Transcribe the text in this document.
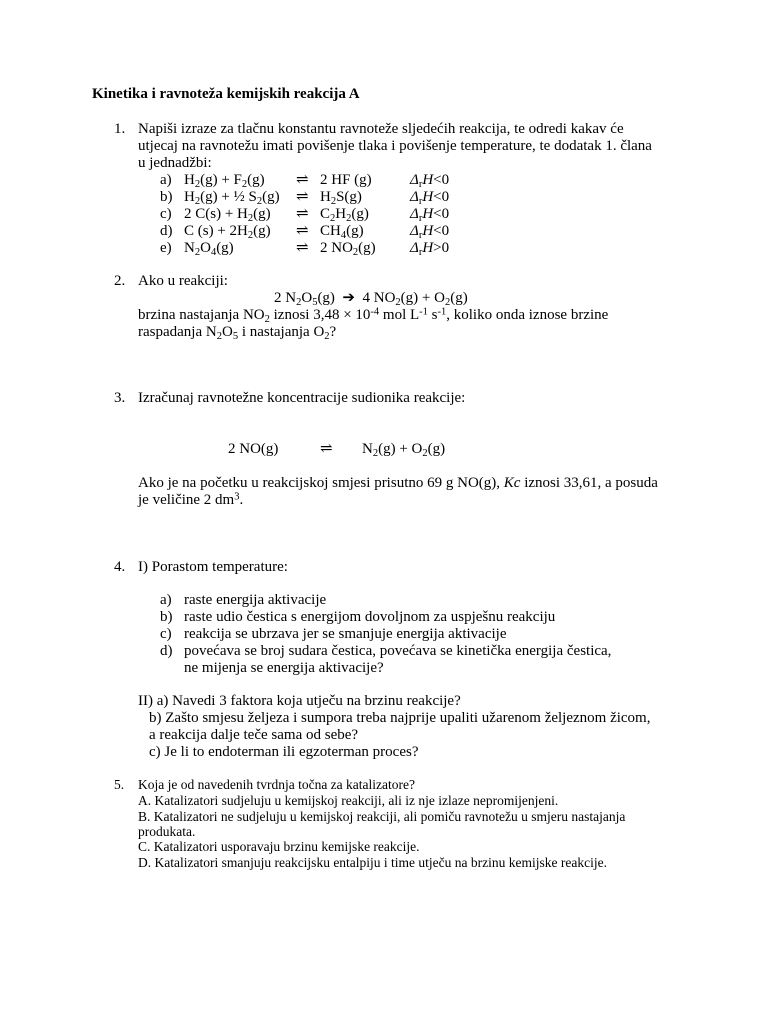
Kinetika i ravnoteža kemijskih reakcija A
1. Napiši izraze za tlačnu konstantu ravnoteže sljedećih reakcija, te odredi kakav će
utjecaj na ravnotežu imati povišenje tlaka i povišenje temperature, te dodatak 1. člana
u jednadžbi:
a) $H_2(g) + F_2(g)$ ⇌ 2 HF (g)	$\Delta_rH<0$
b) $H_2(g)$ + ½ $S_2(g)$ ⇌ $H_2S(g)$	$\Delta_rH<0$
c) 2 $C(s) + H_2(g)$ ⇌ $C_2H_2(g)$	$\Delta_rH<0$
d) C $(s) + 2H_2(g)$ ⇌ $CH_4(g)$	$\Delta_rH<0$
e) $N_2O_4(g)$	⇌ 2 $NO_2(g)$ $\Delta_rH>0$
2. Ako u reakciji:
2 $N_2O_5(g)$  ➔  4 $NO_2(g) + O_2(g)$
brzina nastajanja $NO_2$ iznosi $3,48 \times 10^{-4}$ mol $L^{-1}$ $s^{-1}$, koliko onda iznose brzine
raspadanja $N_2O_5$ i nastajanja $O_2$?
3. Izračunaj ravnotežne koncentracije sudionika reakcije:
2 NO(g)	⇌ $N_2(g) + O_2(g)$
Ako je na početku u reakcijskoj smjesi prisutno 69 g NO(g), Kc iznosi 33,61, a posuda
je veličine 2 $dm^3$.
4. I) Porastom temperature:
a) raste energija aktivacije
b) raste udio čestica s energijom dovoljnom za uspješnu reakciju
c) reakcija se ubrzava jer se smanjuje energija aktivacije
d) povećava se broj sudara čestica, povećava se kinetička energija čestica,
ne mijenja se energija aktivacije?
II) a) Navedi 3 faktora koja utječu na brzinu reakcije?
b) Zašto smjesu željeza i sumpora treba najprije upaliti užarenom željeznom žicom,
a reakcija dalje teče sama od sebe?
c) Je li to endoterman ili egzoterman proces?
5. Koja je od navedenih tvrdnja točna za katalizatore?
A. Katalizatori sudjeluju u kemijskoj reakciji, ali iz nje izlaze nepromijenjeni.
B. Katalizatori ne sudjeluju u kemijskoj reakciji, ali pomiču ravnotežu u smjeru nastajanja
produkata.
C. Katalizatori usporavaju brzinu kemijske reakcije.
D. Katalizatori smanjuju reakcijsku entalpiju i time utječu na brzinu kemijske reakcije.
